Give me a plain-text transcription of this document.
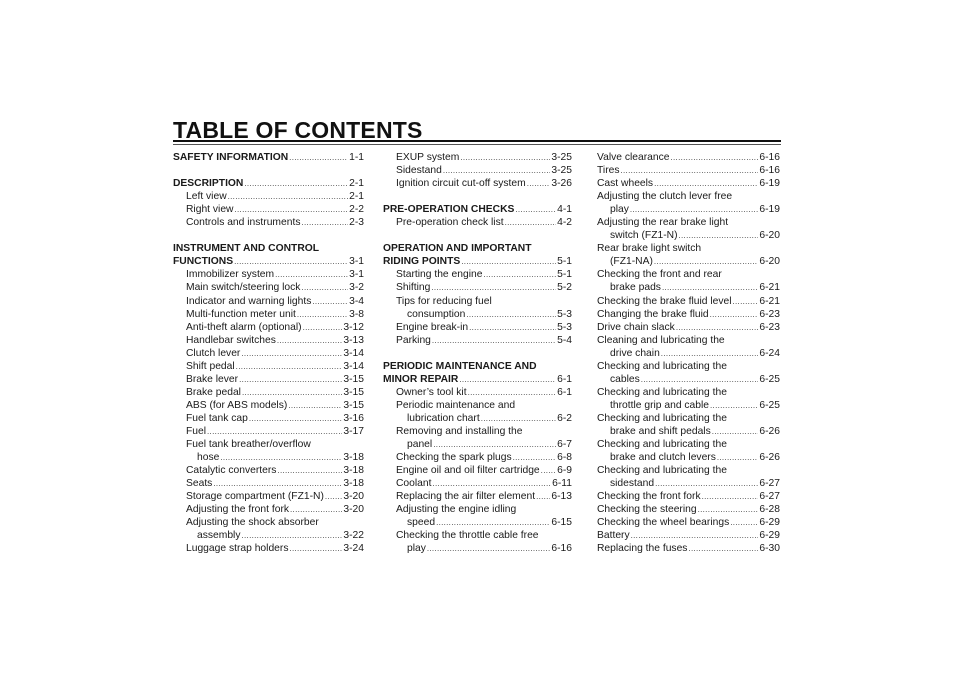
TABLE OF CONTENTS
SAFETY INFORMATION .....	1-1
DESCRIPTION .....	2-1
Left view .....	2-1
Right view .....	2-2
Controls and instruments .....	2-3
INSTRUMENT AND CONTROL
FUNCTIONS .....	3-1
Immobilizer system .....	3-1
Main switch/steering lock .....	3-2
Indicator and warning lights .....	3-4
Multi-function meter unit .....	3-8
Anti-theft alarm (optional) .....	3-12
Handlebar switches .....	3-13
Clutch lever .....	3-14
Shift pedal .....	3-14
Brake lever .....	3-15
Brake pedal .....	3-15
ABS (for ABS models) .....	3-15
Fuel tank cap .....	3-16
Fuel .....	3-17
Fuel tank breather/overflow
hose .....	3-18
Catalytic converters .....	3-18
Seats .....	3-18
Storage compartment (FZ1-N) ..... 3-20
Adjusting the front fork .....	3-20
Adjusting the shock absorber
assembly .....	3-22
Luggage strap holders .....	3-24
EXUP system .....	3-25
Sidestand .....	3-25
Ignition circuit cut-off system ..... 3-26
PRE-OPERATION CHECKS .....	4-1
Pre-operation check list .....	4-2
OPERATION AND IMPORTANT
RIDING POINTS .....	5-1
Starting the engine .....	5-1
Shifting .....	5-2
Tips for reducing fuel
consumption .....	5-3
Engine break-in .....	5-3
Parking .....	5-4
PERIODIC MAINTENANCE AND
MINOR REPAIR .....	6-1
Owner’s tool kit .....	6-1
Periodic maintenance and
lubrication chart .....	6-2
Removing and installing the
panel .....	6-7
Checking the spark plugs .....	6-8
Engine oil and oil filter cartridge ..... 6-9
Coolant .....	6-11
Replacing the air filter element ..... 6-13
Adjusting the engine idling
speed .....	6-15
Checking the throttle cable free
play .....	6-16
Valve clearance .....	6-16
Tires .....	6-16
Cast wheels .....	6-19
Adjusting the clutch lever free
play .....	6-19
Adjusting the rear brake light
switch (FZ1-N) .....	6-20
Rear brake light switch
(FZ1-NA) .....	6-20
Checking the front and rear
brake pads .....	6-21
Checking the brake fluid level .....	6-21
Changing the brake fluid .....	6-23
Drive chain slack .....	6-23
Cleaning and lubricating the
drive chain .....	6-24
Checking and lubricating the
cables .....	6-25
Checking and lubricating the
throttle grip and cable .....	6-25
Checking and lubricating the
brake and shift pedals .....	6-26
Checking and lubricating the
brake and clutch levers .....	6-26
Checking and lubricating the
sidestand .....	6-27
Checking the front fork .....	6-27
Checking the steering .....	6-28
Checking the wheel bearings .....	6-29
Battery .....	6-29
Replacing the fuses .....	6-30
